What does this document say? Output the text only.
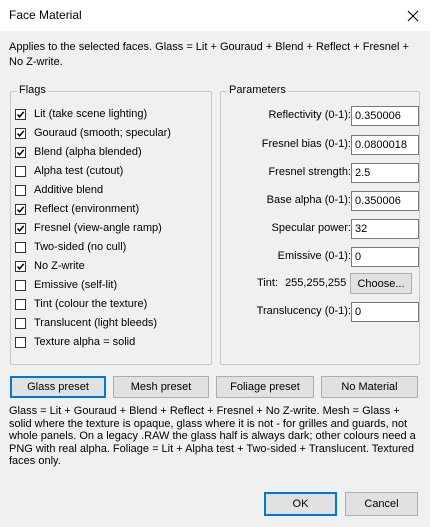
Face Material
Applies to the selected faces. Glass = Lit + Gouraud + Blend + Reflect + Fresnel + No Z-write.
Flags
Lit (take scene lighting)
Gouraud (smooth; specular)
Blend (alpha blended)
Alpha test (cutout)
Additive blend
Reflect (environment)
Fresnel (view-angle ramp)
Two-sided (no cull)
No Z-write
Emissive (self-lit)
Tint (colour the texture)
Translucent (light bleeds)
Texture alpha = solid
Parameters
Reflectivity (0-1): 0.350006
Fresnel bias (0-1): 0.0800018
Fresnel strength: 2.5
Base alpha (0-1): 0.350006
Specular power: 32
Emissive (0-1): 0
Tint: 255,255,255	Choose...
Translucency (0-1): 0
Glass preset	Mesh preset	Foliage preset	No Material
Glass = Lit + Gouraud + Blend + Reflect + Fresnel + No Z-write. Mesh = Glass + solid where the texture is opaque, glass where it is not - for grilles and guards, not whole panels. On a legacy .RAW the glass half is always dark; other colours need a PNG with real alpha. Foliage = Lit + Alpha test + Two-sided + Translucent. Textured faces only.
OK	Cancel
